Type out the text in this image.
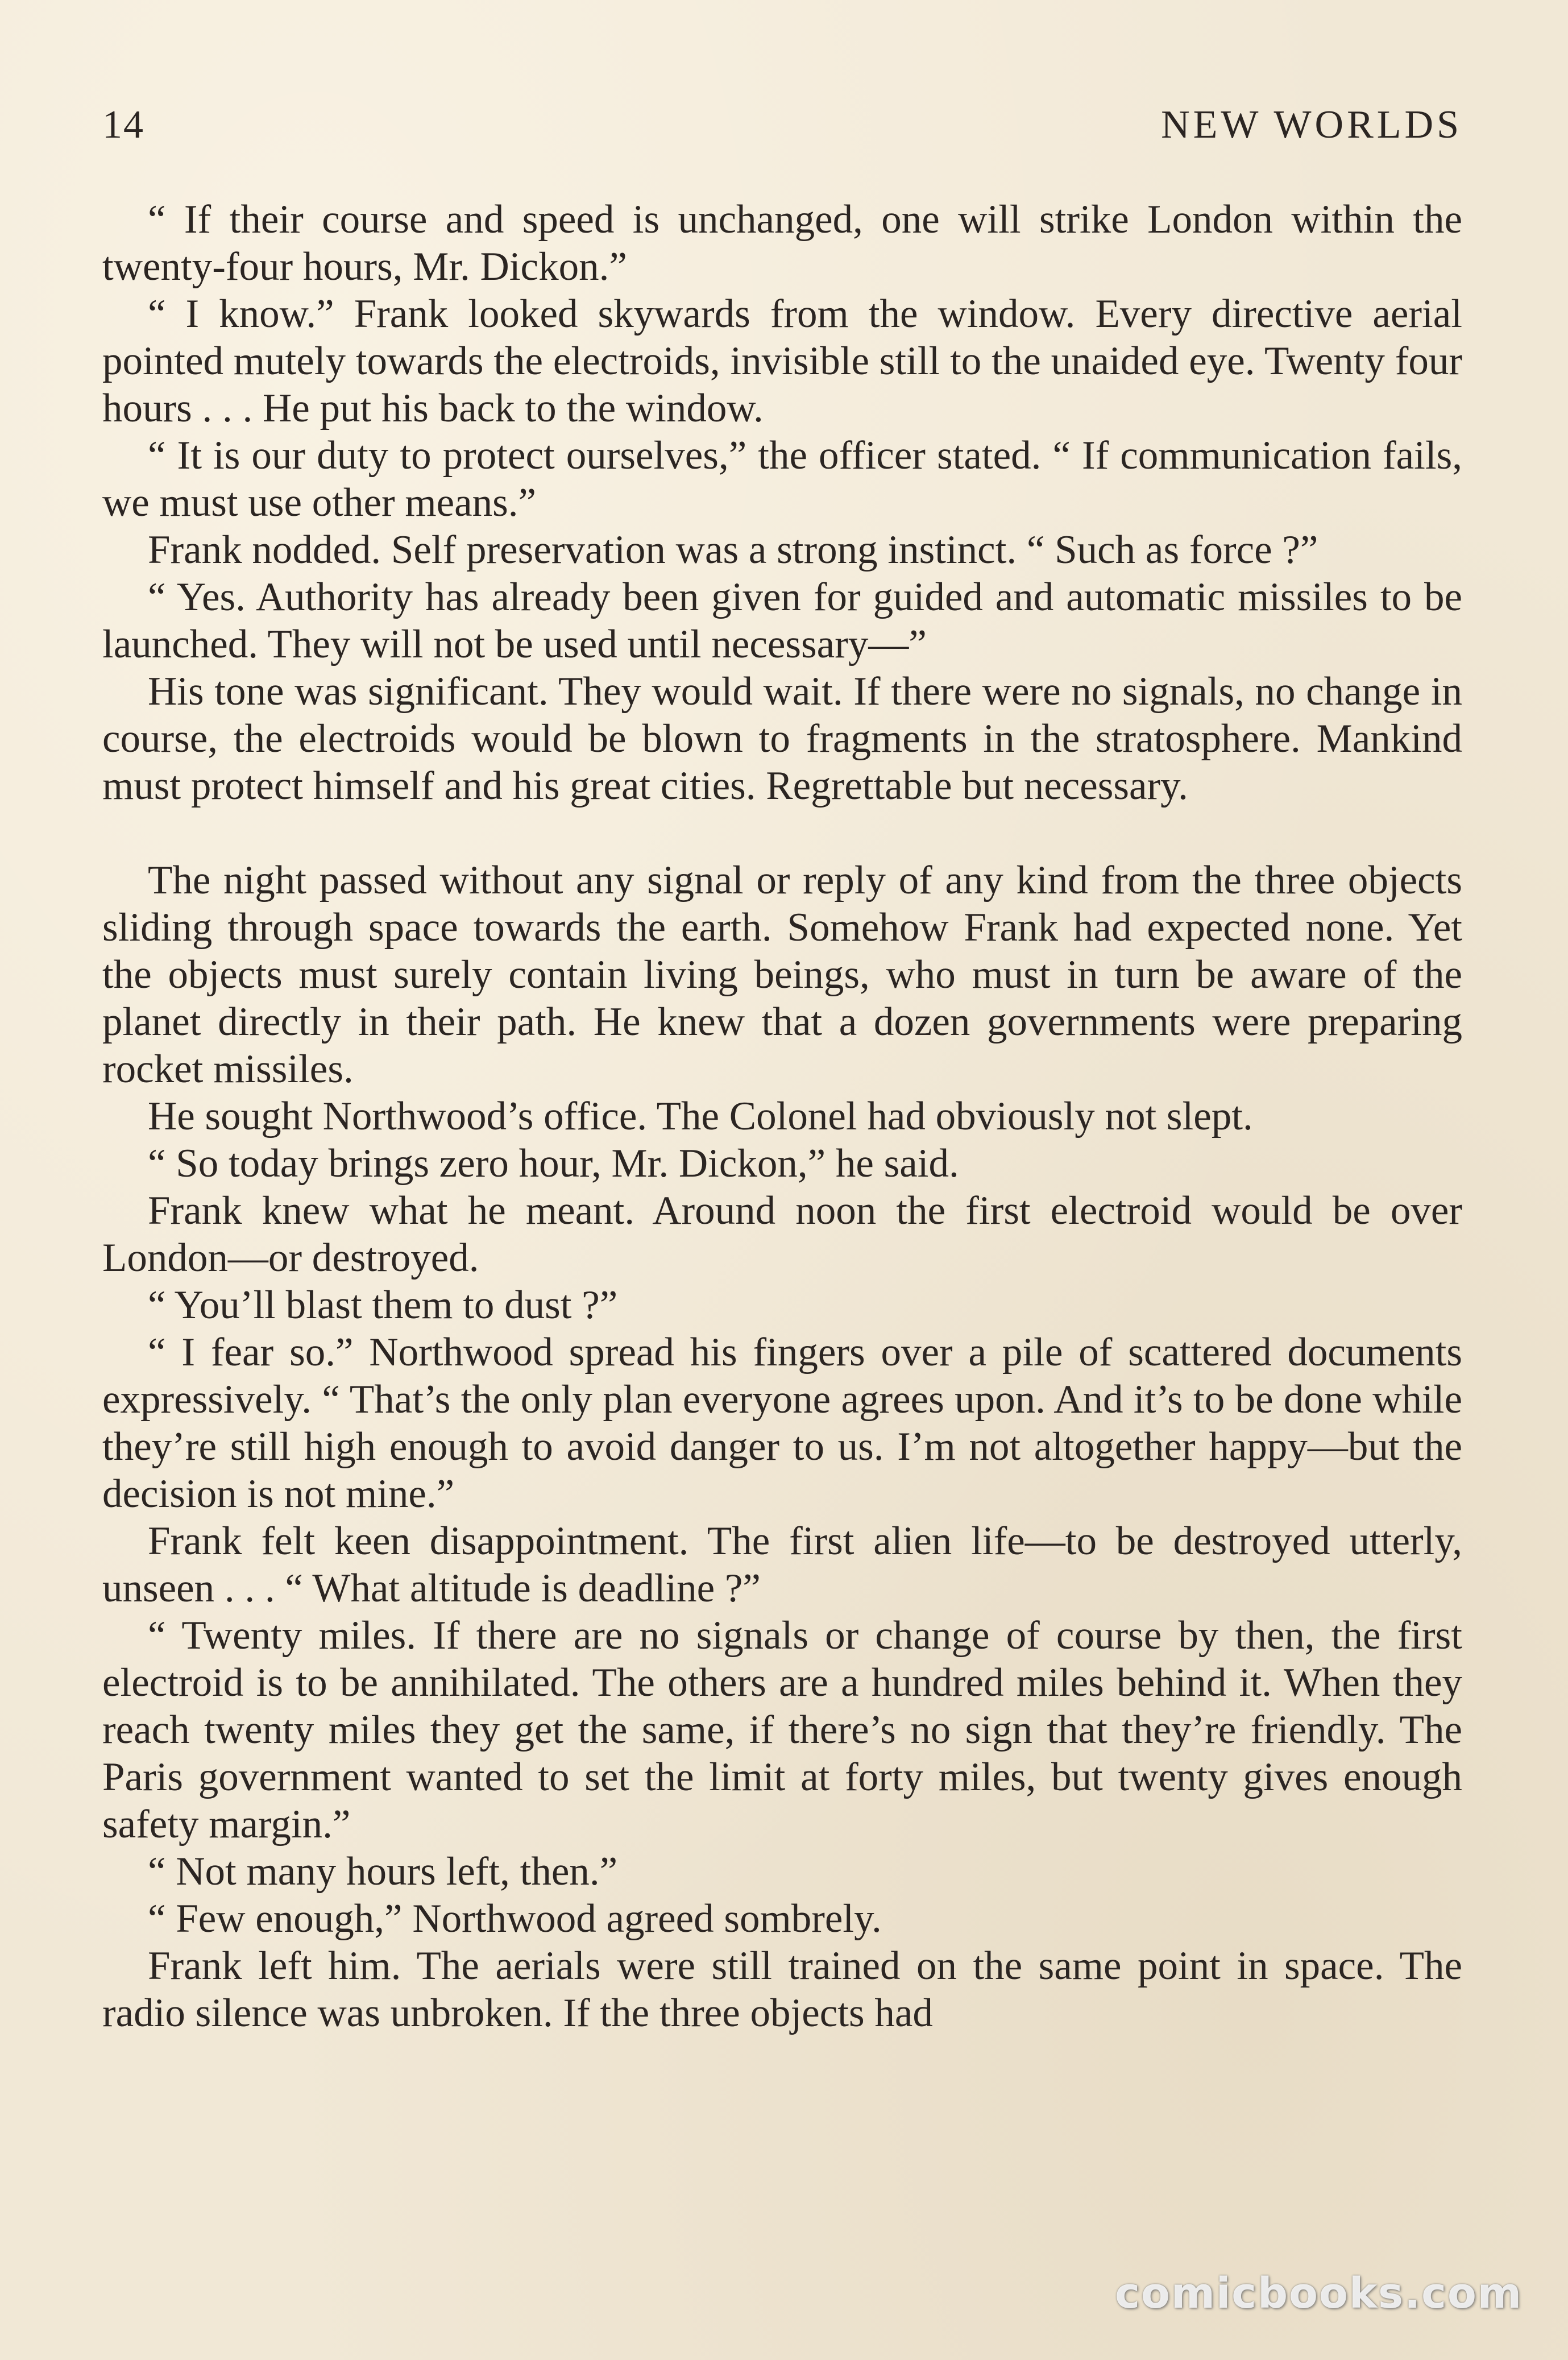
14	NEW WORLDS

“ If their course and speed is unchanged, one will strike London within the twenty-four hours, Mr. Dickon.”

“ I know.” Frank looked skywards from the window. Every directive aerial pointed mutely towards the electroids, invisible still to the unaided eye. Twenty four hours . . . He put his back to the window.

“ It is our duty to protect ourselves,” the officer stated. “ If communication fails, we must use other means.”

Frank nodded. Self preservation was a strong instinct. “ Such as force ?”

“ Yes. Authority has already been given for guided and automatic missiles to be launched. They will not be used until necessary—”

His tone was significant. They would wait. If there were no signals, no change in course, the electroids would be blown to fragments in the stratosphere. Mankind must protect himself and his great cities. Regrettable but necessary.

The night passed without any signal or reply of any kind from the three objects sliding through space towards the earth. Somehow Frank had expected none. Yet the objects must surely contain living beings, who must in turn be aware of the planet directly in their path. He knew that a dozen governments were preparing rocket missiles.

He sought Northwood’s office. The Colonel had obviously not slept.

“ So today brings zero hour, Mr. Dickon,” he said.

Frank knew what he meant. Around noon the first electroid would be over London—or destroyed.

“ You’ll blast them to dust ?”

“ I fear so.” Northwood spread his fingers over a pile of scattered documents expressively. “ That’s the only plan everyone agrees upon. And it’s to be done while they’re still high enough to avoid danger to us. I’m not altogether happy—but the decision is not mine.”

Frank felt keen disappointment. The first alien life—to be destroyed utterly, unseen . . . “ What altitude is deadline ?”

“ Twenty miles. If there are no signals or change of course by then, the first electroid is to be annihilated. The others are a hundred miles behind it. When they reach twenty miles they get the same, if there’s no sign that they’re friendly. The Paris government wanted to set the limit at forty miles, but twenty gives enough safety margin.”

“ Not many hours left, then.”

“ Few enough,” Northwood agreed sombrely.

Frank left him. The aerials were still trained on the same point in space. The radio silence was unbroken. If the three objects had

comicbooks.com
